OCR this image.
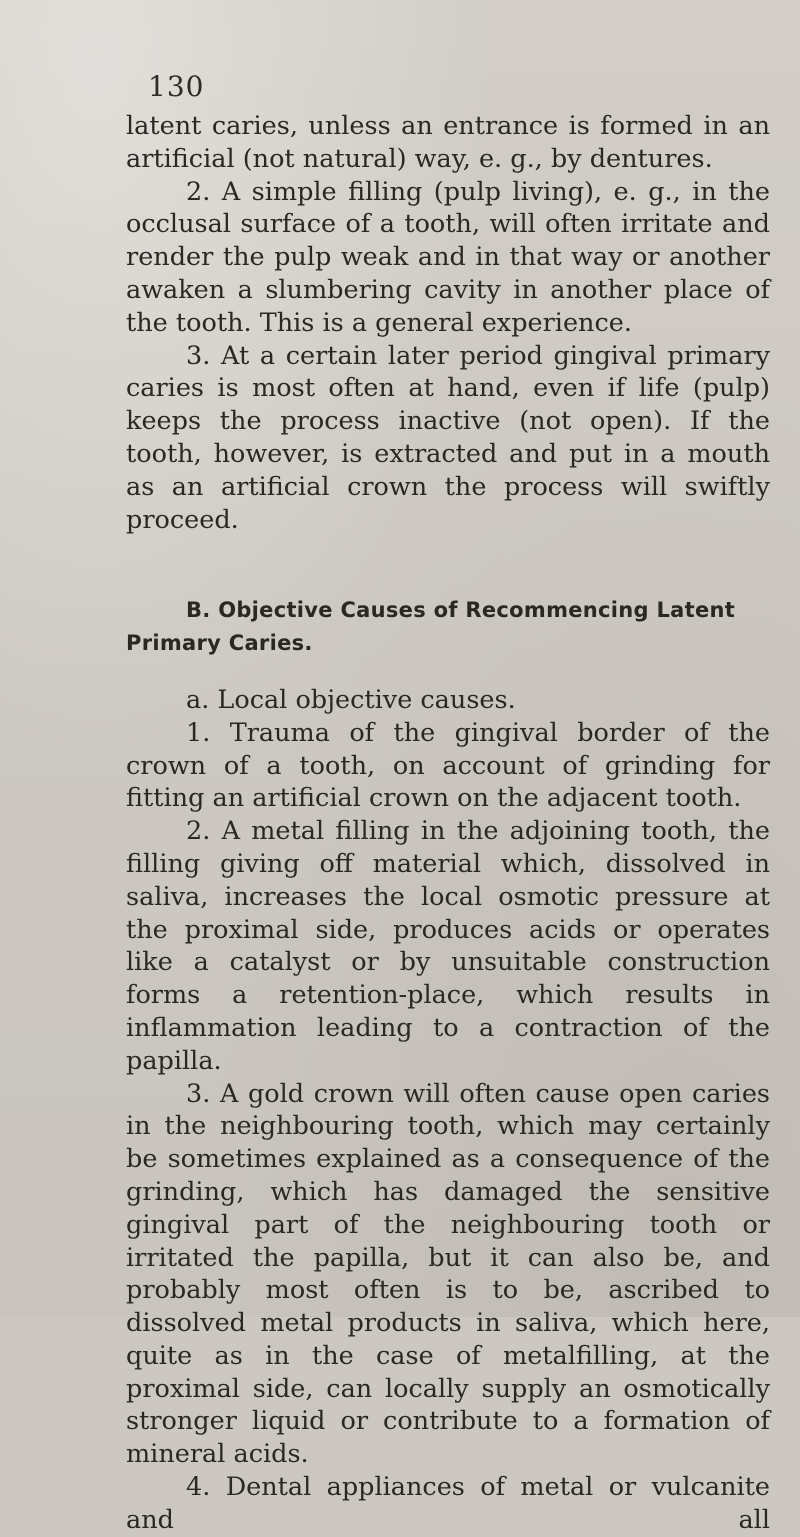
130

latent caries, unless an entrance is formed in an artificial (not natural) way, e. g., by dentures.

2. A simple filling (pulp living), e. g., in the occlusal surface of a tooth, will often irritate and render the pulp weak and in that way or another awaken a slumbering cavity in another place of the tooth. This is a general experience.

3. At a certain later period gingival primary caries is most often at hand, even if life (pulp) keeps the process inactive (not open). If the tooth, however, is extracted and put in a mouth as an artificial crown the process will swiftly proceed.

B. Objective Causes of Recommencing Latent Primary Caries.

a. Local objective causes.

1. Trauma of the gingival border of the crown of a tooth, on account of grinding for fitting an artificial crown on the adjacent tooth.

2. A metal filling in the adjoining tooth, the filling giving off material which, dissolved in saliva, increases the local osmotic pressure at the proximal side, produces acids or operates like a catalyst or by unsuitable construction forms a retention-place, which results in inflammation leading to a contraction of the papilla.

3. A gold crown will often cause open caries in the neighbouring tooth, which may certainly be sometimes explained as a consequence of the grinding, which has damaged the sensitive gingival part of the neighbouring tooth or irritated the papilla, but it can also be, and probably most often is to be, ascribed to dissolved metal products in saliva, which here, quite as in the case of metalfilling, at the proximal side, can locally supply an osmotically stronger liquid or contribute to a formation of mineral acids.

4. Dental appliances of metal or vulcanite and all
